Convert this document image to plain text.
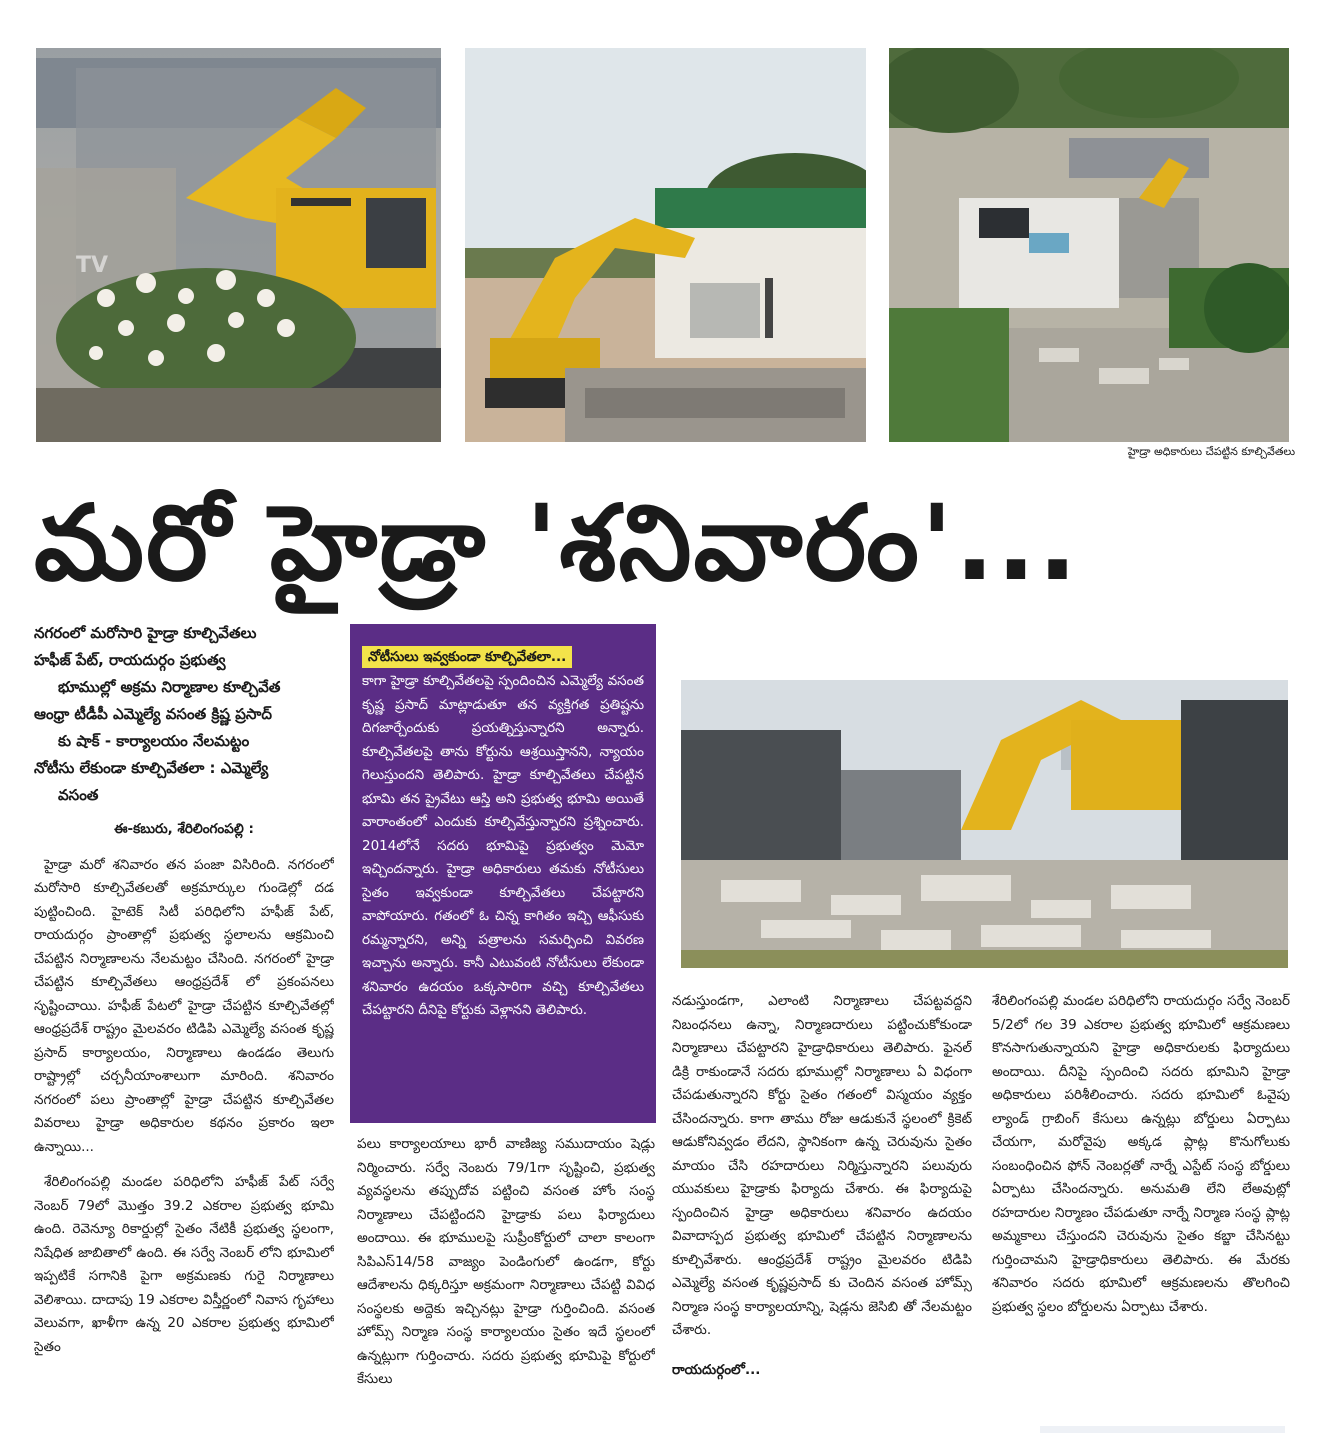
TV
హైడ్రా అధికారులు చేపట్టిన కూల్చివేతలు
మరో హైడ్రా 'శనివారం'...
నగరంలో మరోసారి హైడ్రా కూల్చివేతలు
హఫీజ్ పేట్, రాయదుర్గం ప్రభుత్వ
భూముల్లో అక్రమ నిర్మాణాల కూల్చివేత
ఆంధ్రా టీడీపీ ఎమ్మెల్యే వసంత క్రిష్ణ ప్రసాద్
కు షాక్ - కార్యాలయం నేలమట్టం
నోటీసు లేకుండా కూల్చివేతలా : ఎమ్మెల్యే
వసంత

ఈ-కబురు, శేరిలింగంపల్లి :

హైడ్రా మరో శనివారం తన పంజా విసిరింది. నగరంలో మరోసారి కూల్చివేతలతో అక్రమార్కుల గుండెల్లో దడ పుట్టించింది. హైటెక్ సిటీ పరిధిలోని హఫీజ్ పేట్, రాయదుర్గం ప్రాంతాల్లో ప్రభుత్వ స్థలాలను ఆక్రమించి చేపట్టిన నిర్మాణాలను నేలమట్టం చేసింది. నగరంలో హైడ్రా చేపట్టిన కూల్చివేతలు ఆంధ్రప్రదేశ్ లో ప్రకంపనలు సృష్టించాయి. హఫీజ్ పేటలో హైడ్రా చేపట్టిన కూల్చివేతల్లో ఆంధ్రప్రదేశ్ రాష్ట్రం మైలవరం టిడిపి ఎమ్మెల్యే వసంత కృష్ణ ప్రసాద్ కార్యాలయం, నిర్మాణాలు ఉండడం తెలుగు రాష్ట్రాల్లో చర్చనీయాంశాలుగా మారింది. శనివారం నగరంలో పలు ప్రాంతాల్లో హైడ్రా చేపట్టిన కూల్చివేతల వివరాలు హైడ్రా అధికారుల కథనం ప్రకారం ఇలా ఉన్నాయి...

శేరిలింగంపల్లి మండల పరిధిలోని హఫీజ్ పేట్ సర్వే నెంబర్ 79లో మొత్తం 39.2 ఎకరాల ప్రభుత్వ భూమి ఉంది. రెవెన్యూ రికార్డుల్లో సైతం నేటికీ ప్రభుత్వ స్థలంగా, నిషేధిత జాబితాలో ఉంది. ఈ సర్వే నెంబర్ లోని భూమిలో ఇప్పటికే సగానికి పైగా అక్రమణకు గురై నిర్మాణాలు వెలిశాయి. దాదాపు 19 ఎకరాల విస్తీర్ణంలో నివాస గృహాలు వెలువగా, ఖాళీగా ఉన్న 20 ఎకరాల ప్రభుత్వ భూమిలో సైతం

నోటీసులు ఇవ్వకుండా కూల్చివేతలా...

కాగా హైడ్రా కూల్చివేతలపై స్పందించిన ఎమ్మెల్యే వసంత కృష్ణ ప్రసాద్ మాట్లాడుతూ తన వ్యక్తిగత ప్రతిష్టను దిగజార్చేందుకు ప్రయత్నిస్తున్నారని అన్నారు. కూల్చివేతలపై తాను కోర్టును ఆశ్రయిస్తానని, న్యాయం గెలుస్తుందని తెలిపారు. హైడ్రా కూల్చివేతలు చేపట్టిన భూమి తన ప్రైవేటు ఆస్తి అని ప్రభుత్వ భూమి అయితే వారాంతంలో ఎందుకు కూల్చివేస్తున్నారని ప్రశ్నించారు. 2014లోనే సదరు భూమిపై ప్రభుత్వం మెమో ఇచ్చిందన్నారు. హైడ్రా అధికారులు తమకు నోటీసులు సైతం ఇవ్వకుండా కూల్చివేతలు చేపట్టారని వాపోయారు. గతంలో ఓ చిన్న కాగితం ఇచ్చి ఆఫీసుకు రమ్మన్నారని, అన్ని పత్రాలను సమర్పించి వివరణ ఇచ్చాను అన్నారు. కానీ ఎటువంటి నోటీసులు లేకుండా శనివారం ఉదయం ఒక్కసారిగా వచ్చి కూల్చివేతలు చేపట్టారని దీనిపై కోర్టుకు వెళ్లానని తెలిపారు.

పలు కార్యాలయాలు భారీ వాణిజ్య సముదాయం షెడ్లు నిర్మించారు. సర్వే నెంబరు 79/1గా సృష్టించి, ప్రభుత్వ వ్యవస్థలను తప్పుదోవ పట్టించి వసంత హోం సంస్థ నిర్మాణాలు చేపట్టిందని హైడ్రాకు పలు ఫిర్యాదులు అందాయి. ఈ భూములపై సుప్రీంకోర్టులో చాలా కాలంగా సిపిఎస్14/58 వాజ్యం పెండింగులో ఉండగా, కోర్టు ఆదేశాలను ధిక్కరిస్తూ అక్రమంగా నిర్మాణాలు చేపట్టి వివిధ సంస్థలకు అద్దెకు ఇచ్చినట్లు హైడ్రా గుర్తించింది. వసంత హోమ్స్ నిర్మాణ సంస్థ కార్యాలయం సైతం ఇదే స్థలంలో ఉన్నట్లుగా గుర్తించారు. సదరు ప్రభుత్వ భూమిపై కోర్టులో కేసులు

నడుస్తుండగా, ఎలాంటి నిర్మాణాలు చేపట్టవద్దని నిబంధనలు ఉన్నా, నిర్మాణదారులు పట్టించుకోకుండా నిర్మాణాలు చేపట్టారని హైడ్రాధికారులు తెలిపారు. ఫైనల్ డిక్రి రాకుండానే సదరు భూముల్లో నిర్మాణాలు ఏ విధంగా చేపడుతున్నారని కోర్టు సైతం గతంలో విస్మయం వ్యక్తం చేసిందన్నారు. కాగా తాము రోజు ఆడుకునే స్థలంలో క్రికెట్ ఆడుకోనివ్వడం లేదని, స్థానికంగా ఉన్న చెరువును సైతం మాయం చేసి రహదారులు నిర్మిస్తున్నారని పలువురు యువకులు హైడ్రాకు ఫిర్యాదు చేశారు. ఈ ఫిర్యాదుపై స్పందించిన హైడ్రా అధికారులు శనివారం ఉదయం వివాదాస్పద ప్రభుత్వ భూమిలో చేపట్టిన నిర్మాణాలను కూల్చివేశారు. ఆంధ్రప్రదేశ్ రాష్ట్రం మైలవరం టిడిపి ఎమ్మెల్యే వసంత కృష్ణప్రసాద్ కు చెందిన వసంత హోమ్స్ నిర్మాణ సంస్థ కార్యాలయాన్ని, షెడ్లను జెసిబి తో నేలమట్టం చేశారు.

రాయదుర్గంలో...

శేరిలింగంపల్లి మండల పరిధిలోని రాయదుర్గం సర్వే నెంబర్ 5/2లో గల 39 ఎకరాల ప్రభుత్వ భూమిలో ఆక్రమణలు కొనసాగుతున్నాయని హైడ్రా అధికారులకు ఫిర్యాదులు అందాయి. దీనిపై స్పందించి సదరు భూమిని హైడ్రా అధికారులు పరిశీలించారు. సదరు భూమిలో ఓవైపు ల్యాండ్ గ్రాబింగ్ కేసులు ఉన్నట్లు బోర్డులు ఏర్పాటు చేయగా, మరోవైపు అక్కడ ప్లాట్ల కొనుగోలుకు సంబంధించిన ఫోన్ నెంబర్లతో నార్నే ఎస్టేట్ సంస్థ బోర్డులు ఏర్పాటు చేసిందన్నారు. అనుమతి లేని లేఅవుట్లో రహదారుల నిర్మాణం చేపడుతూ నార్నే నిర్మాణ సంస్థ ప్లాట్ల అమ్మకాలు చేస్తుందని చెరువును సైతం కబ్జా చేసినట్టు గుర్తించామని హైడ్రాధికారులు తెలిపారు. ఈ మేరకు శనివారం సదరు భూమిలో ఆక్రమణలను తొలగించి ప్రభుత్వ స్థలం బోర్డులను ఏర్పాటు చేశారు.
